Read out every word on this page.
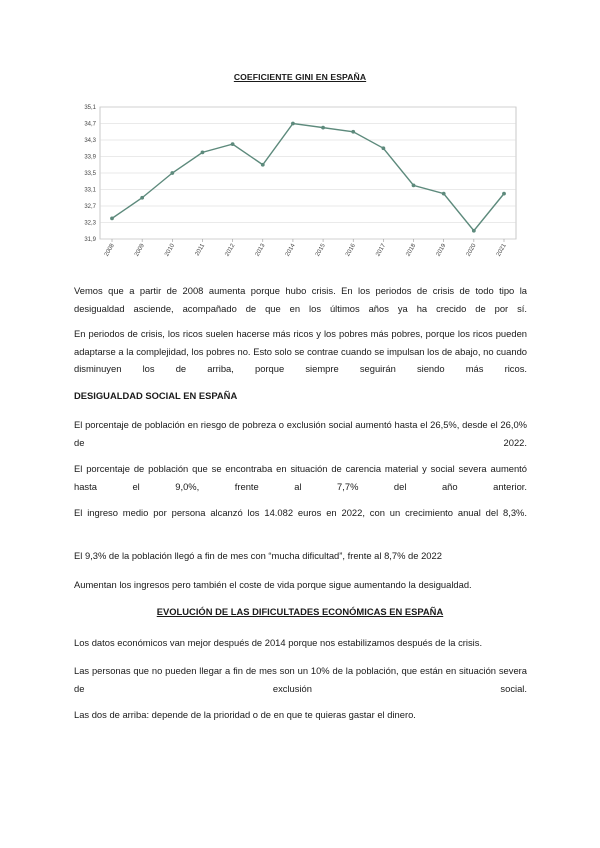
COEFICIENTE GINI EN ESPAÑA
35,1
34,7
34,3
33,9
33,5
33,1
32,7
32,3
31,9
2008	2009	2010	2011	2012	2013	2014	2015	2016	2017	2018	2019	2020	2021
Vemos que a partir de 2008 aumenta porque hubo crisis. En los periodos de crisis de todo tipo la desigualdad asciende, acompañado de que en los últimos años ya ha crecido de por sí.
En periodos de crisis, los ricos suelen hacerse más ricos y los pobres más pobres, porque los ricos pueden adaptarse a la complejidad, los pobres no. Esto solo se contrae cuando se impulsan los de abajo, no cuando disminuyen los de arriba, porque siempre seguirán siendo más ricos.
DESIGUALDAD SOCIAL EN ESPAÑA
El porcentaje de población en riesgo de pobreza o exclusión social aumentó hasta el 26,5%, desde el 26,0% de 2022.
El porcentaje de población que se encontraba en situación de carencia material y social severa aumentó hasta el 9,0%, frente al 7,7% del año anterior.
El ingreso medio por persona alcanzó los 14.082 euros en 2022, con un crecimiento anual del 8,3%.
El 9,3% de la población llegó a fin de mes con “mucha dificultad”, frente al 8,7% de 2022
Aumentan los ingresos pero también el coste de vida porque sigue aumentando la desigualdad.
EVOLUCIÓN DE LAS DIFICULTADES ECONÓMICAS EN ESPAÑA
Los datos económicos van mejor después de 2014 porque nos estabilizamos después de la crisis.
Las personas que no pueden llegar a fin de mes son un 10% de la población, que están en situación severa de exclusión social.
Las dos de arriba: depende de la prioridad o de en que te quieras gastar el dinero.
